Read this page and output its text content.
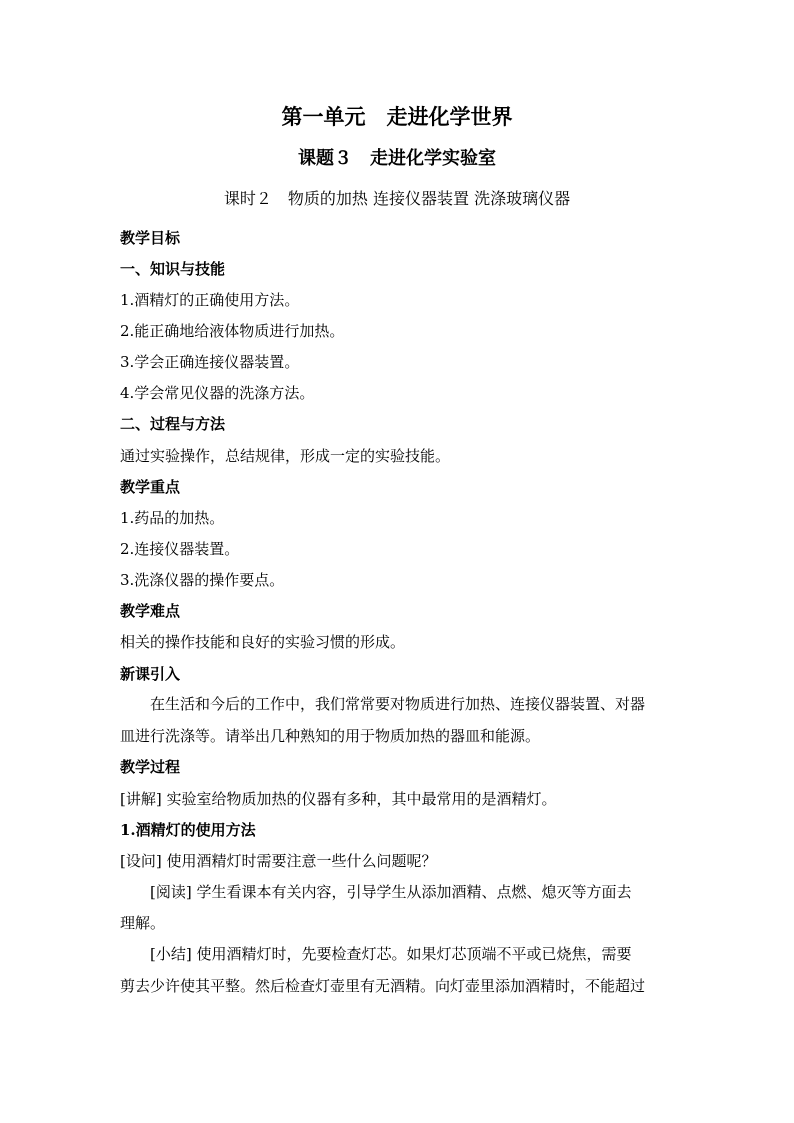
第一单元　走进化学世界
课题３　走进化学实验室
课时２　物质的加热 连接仪器装置 洗涤玻璃仪器
教学目标
一、知识与技能
1.酒精灯的正确使用方法。
2.能正确地给液体物质进行加热。
3.学会正确连接仪器装置。
4.学会常见仪器的洗涤方法。
二、过程与方法
通过实验操作，总结规律，形成一定的实验技能。
教学重点
1.药品的加热。
2.连接仪器装置。
3.洗涤仪器的操作要点。
教学难点
相关的操作技能和良好的实验习惯的形成。
新课引入
在生活和今后的工作中，我们常常要对物质进行加热、连接仪器装置、对器
皿进行洗涤等。请举出几种熟知的用于物质加热的器皿和能源。
教学过程
[讲解] 实验室给物质加热的仪器有多种，其中最常用的是酒精灯。
1.酒精灯的使用方法
[设问] 使用酒精灯时需要注意一些什么问题呢？
[阅读] 学生看课本有关内容，引导学生从添加酒精、点燃、熄灭等方面去
理解。
[小结] 使用酒精灯时，先要检查灯芯。如果灯芯顶端不平或已烧焦，需要
剪去少许使其平整。然后检查灯壶里有无酒精。向灯壶里添加酒精时，不能超过
